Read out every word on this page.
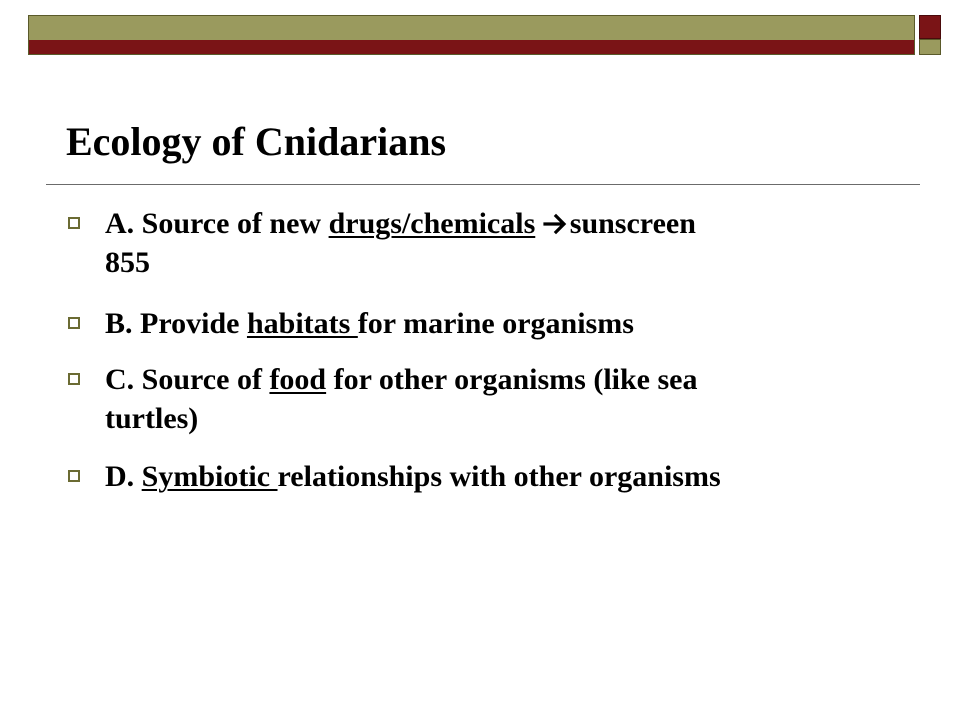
Ecology of Cnidarians
A. Source of new drugs/chemicals sunscreen
855
B. Provide habitats for marine organisms
C. Source of food for other organisms (like sea
turtles)
D. Symbiotic relationships with other organisms
